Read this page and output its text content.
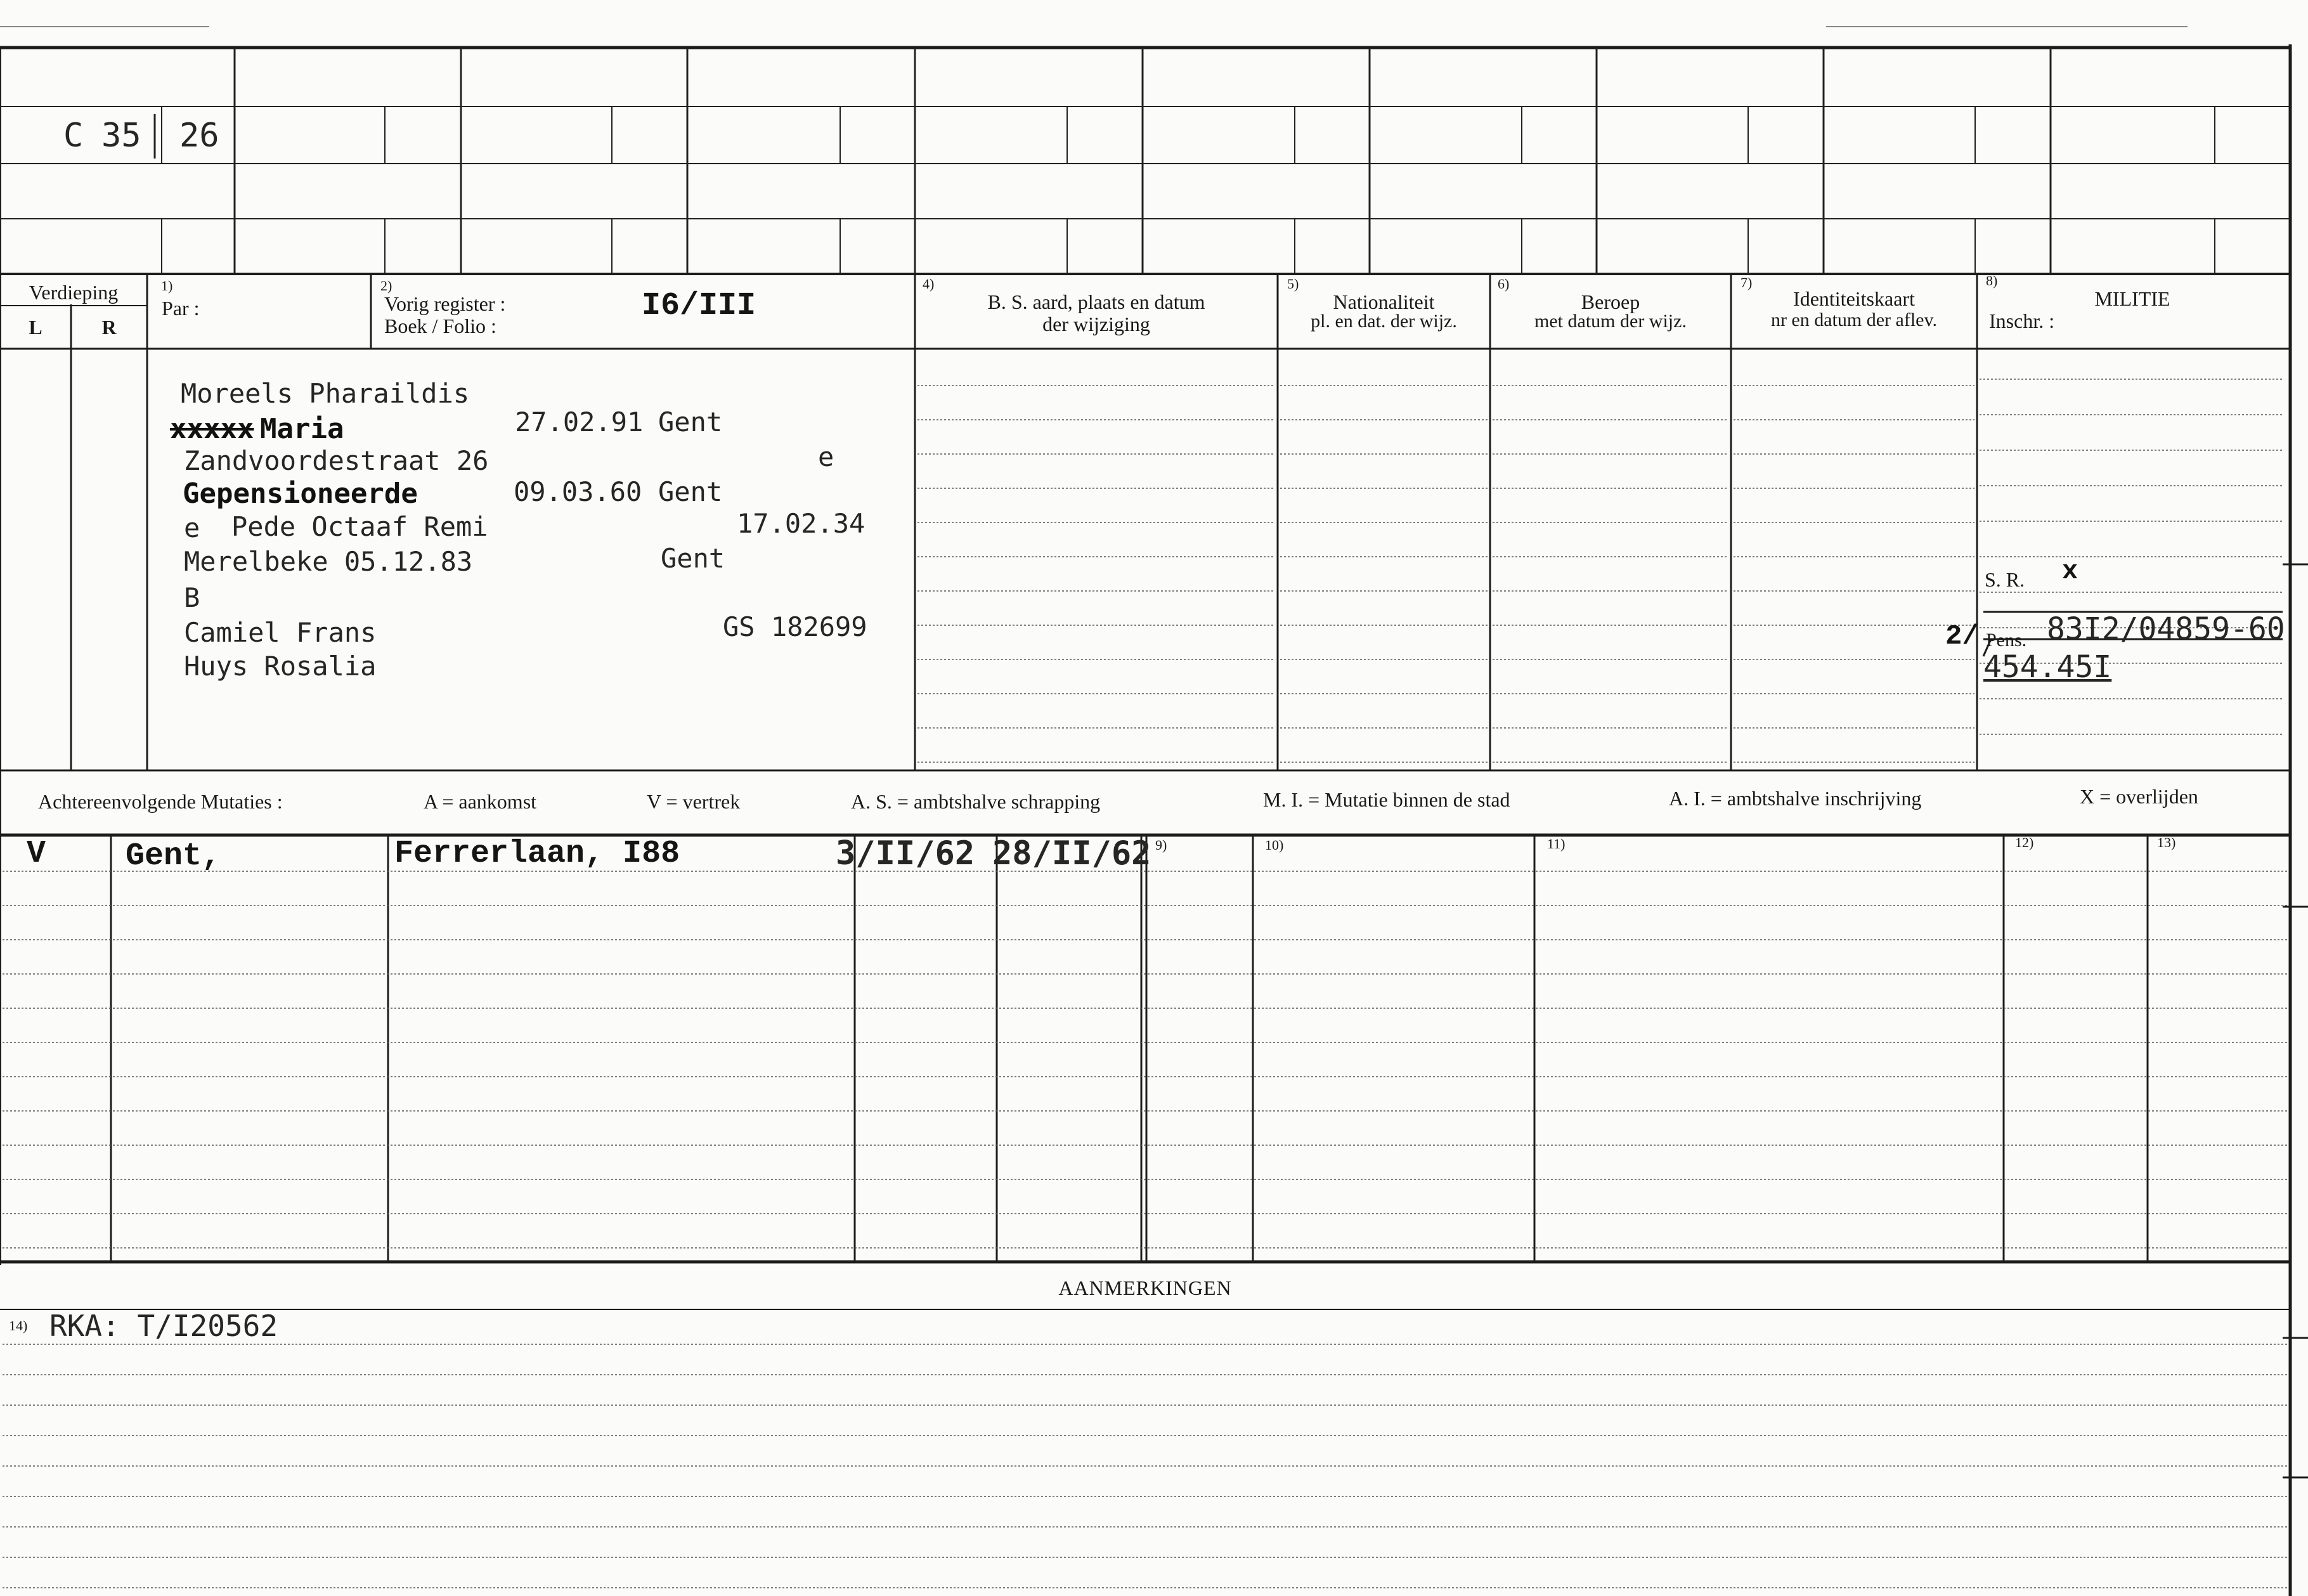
C 35 26
Verdieping
L	R
1)
Par :
2)
Vorig register :
Boek / Folio :
I6/III
4)
B. S. aard, plaats en datum
der wijziging
5)
Nationaliteit
pl. en dat. der wijz.
6)
Beroep
met datum der wijz.
7)
Identiteitskaart
nr en datum der aflev.
8)
MILITIE
Inschr. :
Moreels Pharaildis
xxxxx Maria	27.02.91 Gent
Zandvoordestraat 26	e
Gepensioneerde	09.03.60 Gent
e Pede Octaaf Remi	17.02.34
Merelbeke 05.12.83	Gent
B
Camiel Frans	GS 182699
Huys Rosalia
S. R. x
2/ Pens. 83I2/04859-60
454.45I
Achtereenvolgende Mutaties :	A = aankomst	V = vertrek	A. S. = ambtshalve schrapping	M. I. = Mutatie binnen de stad	A. I. = ambtshalve inschrijving	X = overlijden
9)	10)	11)	12)	13)
V	Gent,	Ferrerlaan, I88	3/II/62 28/II/62
AANMERKINGEN
14) RKA: T/I20562
